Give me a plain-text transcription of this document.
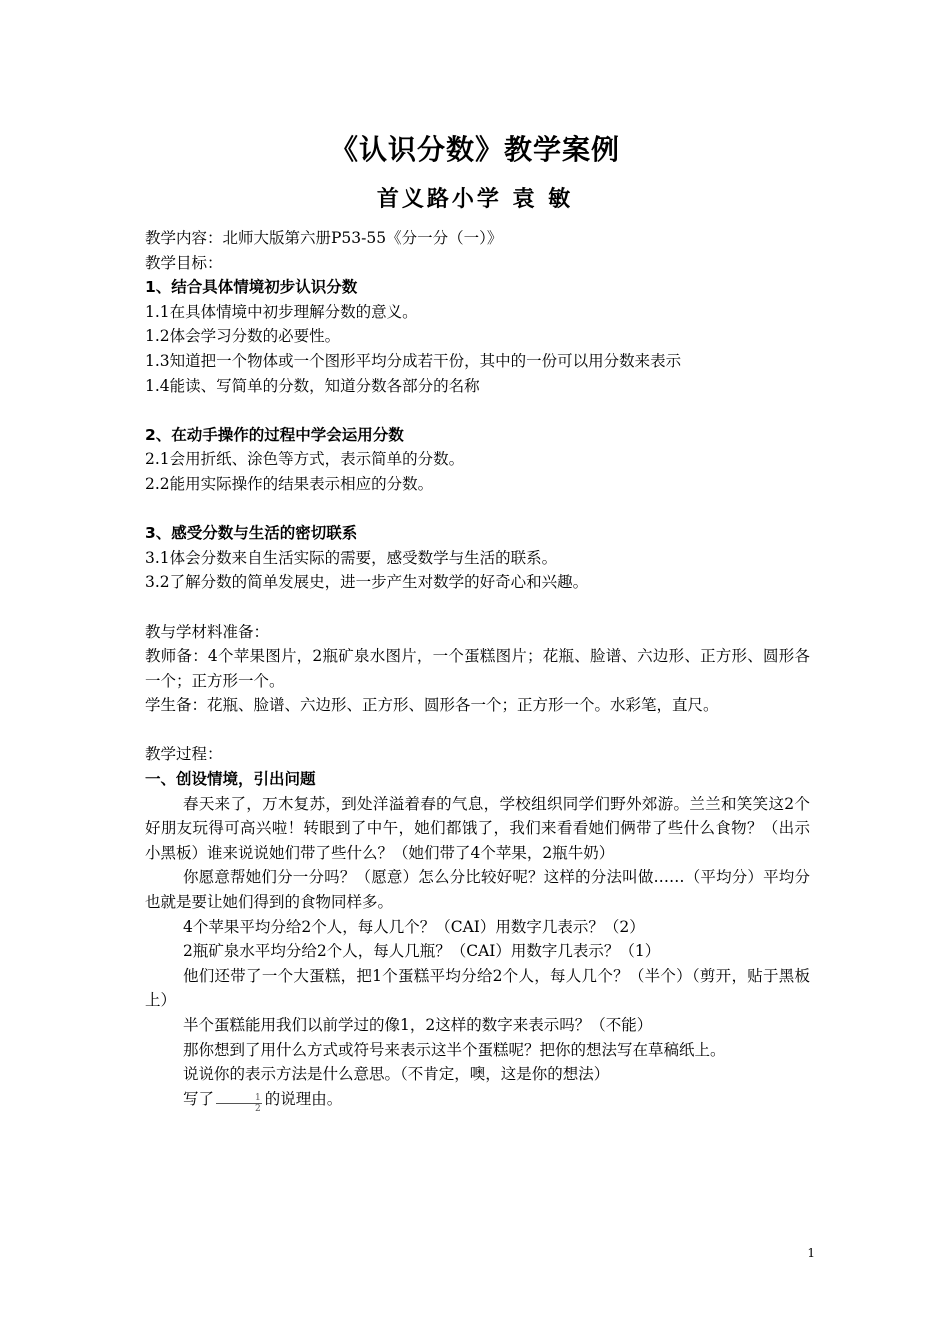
《认识分数》教学案例
首义路小学 袁 敏

教学内容：北师大版第六册P53-55《分一分（一）》

教学目标：

1、结合具体情境初步认识分数

1.1在具体情境中初步理解分数的意义。

1.2体会学习分数的必要性。

1.3知道把一个物体或一个图形平均分成若干份，其中的一份可以用分数来表示

1.4能读、写简单的分数，知道分数各部分的名称

2、在动手操作的过程中学会运用分数

2.1会用折纸、涂色等方式，表示简单的分数。

2.2能用实际操作的结果表示相应的分数。

3、感受分数与生活的密切联系

3.1体会分数来自生活实际的需要，感受数学与生活的联系。

3.2了解分数的简单发展史，进一步产生对数学的好奇心和兴趣。

教与学材料准备：

教师备：4个苹果图片，2瓶矿泉水图片，一个蛋糕图片；花瓶、脸谱、六边形、正方形、圆形各一个；正方形一个。

学生备：花瓶、脸谱、六边形、正方形、圆形各一个；正方形一个。水彩笔，直尺。

教学过程：

一、创设情境，引出问题

春天来了，万木复苏，到处洋溢着春的气息，学校组织同学们野外郊游。兰兰和笑笑这2个好朋友玩得可高兴啦！转眼到了中午，她们都饿了，我们来看看她们俩带了些什么食物？（出示小黑板）谁来说说她们带了些什么？（她们带了4个苹果，2瓶牛奶）

你愿意帮她们分一分吗？（愿意）怎么分比较好呢？这样的分法叫做……（平均分）平均分也就是要让她们得到的食物同样多。

4个苹果平均分给2个人，每人几个？（CAI）用数字几表示？（2）

2瓶矿泉水平均分给2个人，每人几瓶？（CAI）用数字几表示？（1）

他们还带了一个大蛋糕，把1个蛋糕平均分给2个人，每人几个？（半个）（剪开，贴于黑板上）

半个蛋糕能用我们以前学过的像1，2这样的数字来表示吗？（不能）

那你想到了用什么方式或符号来表示这半个蛋糕呢？把你的想法写在草稿纸上。

说说你的表示方法是什么意思。（不肯定，噢，这是你的想法）

写了 $\frac{1}{2}$ 的说理由。

1
